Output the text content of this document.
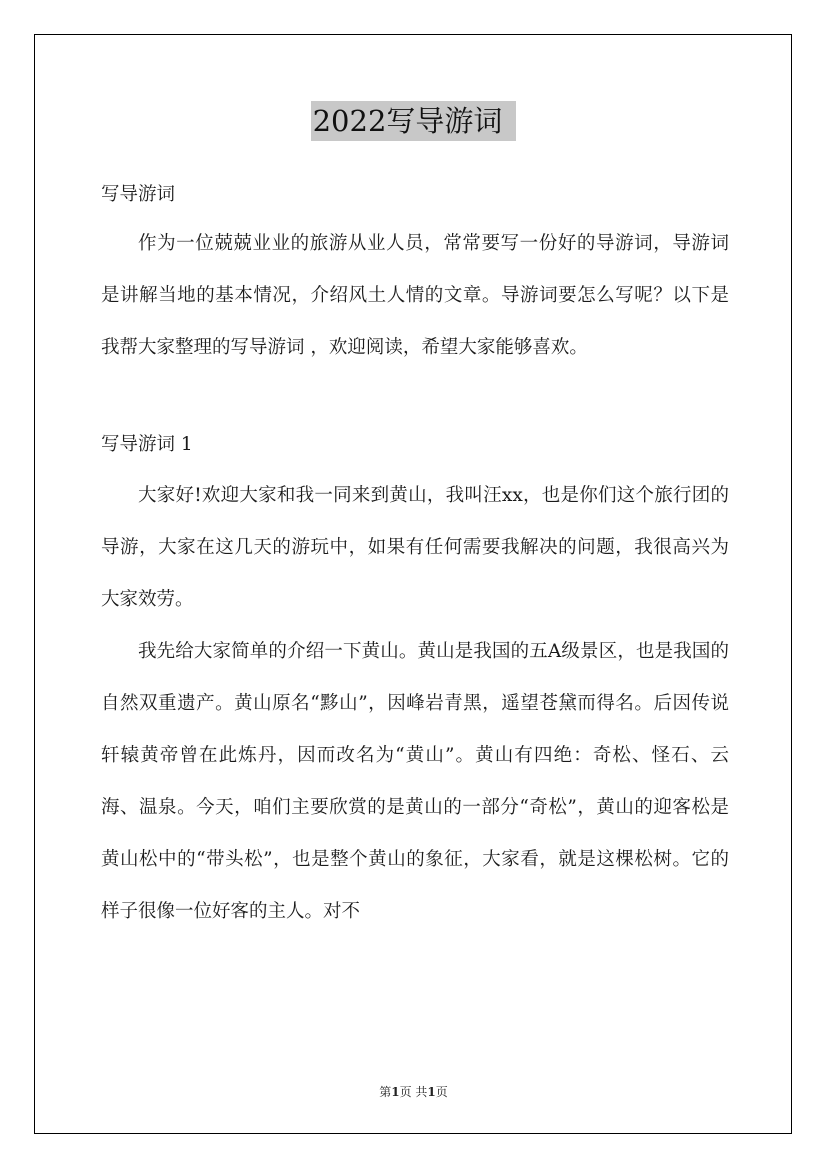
2022写导游词

写导游词

作为一位兢兢业业的旅游从业人员，常常要写一份好的导游词，导游词是讲解当地的基本情况，介绍风土人情的文章。导游词要怎么写呢？以下是我帮大家整理的写导游词 ，欢迎阅读，希望大家能够喜欢。

写导游词 1

大家好!欢迎大家和我一同来到黄山，我叫汪xx，也是你们这个旅行团的导游，大家在这几天的游玩中，如果有任何需要我解决的问题，我很高兴为大家效劳。

我先给大家简单的介绍一下黄山。黄山是我国的五A级景区，也是我国的自然双重遗产。黄山原名“黟山”，因峰岩青黑，遥望苍黛而得名。后因传说轩辕黄帝曾在此炼丹，因而改名为“黄山”。黄山有四绝：奇松、怪石、云海、温泉。今天，咱们主要欣赏的是黄山的一部分“奇松”，黄山的迎客松是黄山松中的“带头松”，也是整个黄山的象征，大家看，就是这棵松树。它的样子很像一位好客的主人。对不

第1页 共1页
